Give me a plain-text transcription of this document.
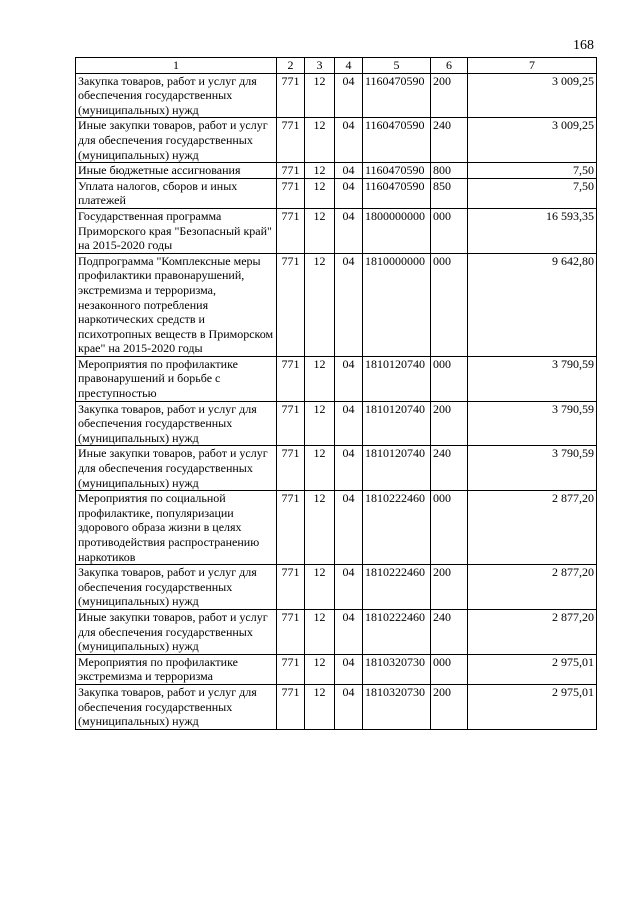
168
1	2	3	4	5	6	7
Закупка товаров, работ и услуг для обеспечения государственных (муниципальных) нужд	771	12	04	1160470590	200	3 009,25
Иные закупки товаров, работ и услуг для обеспечения государственных (муниципальных) нужд	771	12	04	1160470590	240	3 009,25
Иные бюджетные ассигнования	771	12	04	1160470590	800	7,50
Уплата налогов, сборов и иных платежей	771	12	04	1160470590	850	7,50
Государственная программа Приморского края "Безопасный край" на 2015-2020 годы	771	12	04	1800000000	000	16 593,35
Подпрограмма "Комплексные меры профилактики правонарушений, экстремизма и терроризма, незаконного потребления наркотических средств и психотропных веществ в Приморском крае" на 2015-2020 годы	771	12	04	1810000000	000	9 642,80
Мероприятия по профилактике правонарушений и борьбе с преступностью	771	12	04	1810120740	000	3 790,59
Закупка товаров, работ и услуг для обеспечения государственных (муниципальных) нужд	771	12	04	1810120740	200	3 790,59
Иные закупки товаров, работ и услуг для обеспечения государственных (муниципальных) нужд	771	12	04	1810120740	240	3 790,59
Мероприятия по социальной профилактике, популяризации здорового образа жизни в целях противодействия распространению наркотиков	771	12	04	1810222460	000	2 877,20
Закупка товаров, работ и услуг для обеспечения государственных (муниципальных) нужд	771	12	04	1810222460	200	2 877,20
Иные закупки товаров, работ и услуг для обеспечения государственных (муниципальных) нужд	771	12	04	1810222460	240	2 877,20
Мероприятия по профилактике экстремизма и терроризма	771	12	04	1810320730	000	2 975,01
Закупка товаров, работ и услуг для обеспечения государственных (муниципальных) нужд	771	12	04	1810320730	200	2 975,01
